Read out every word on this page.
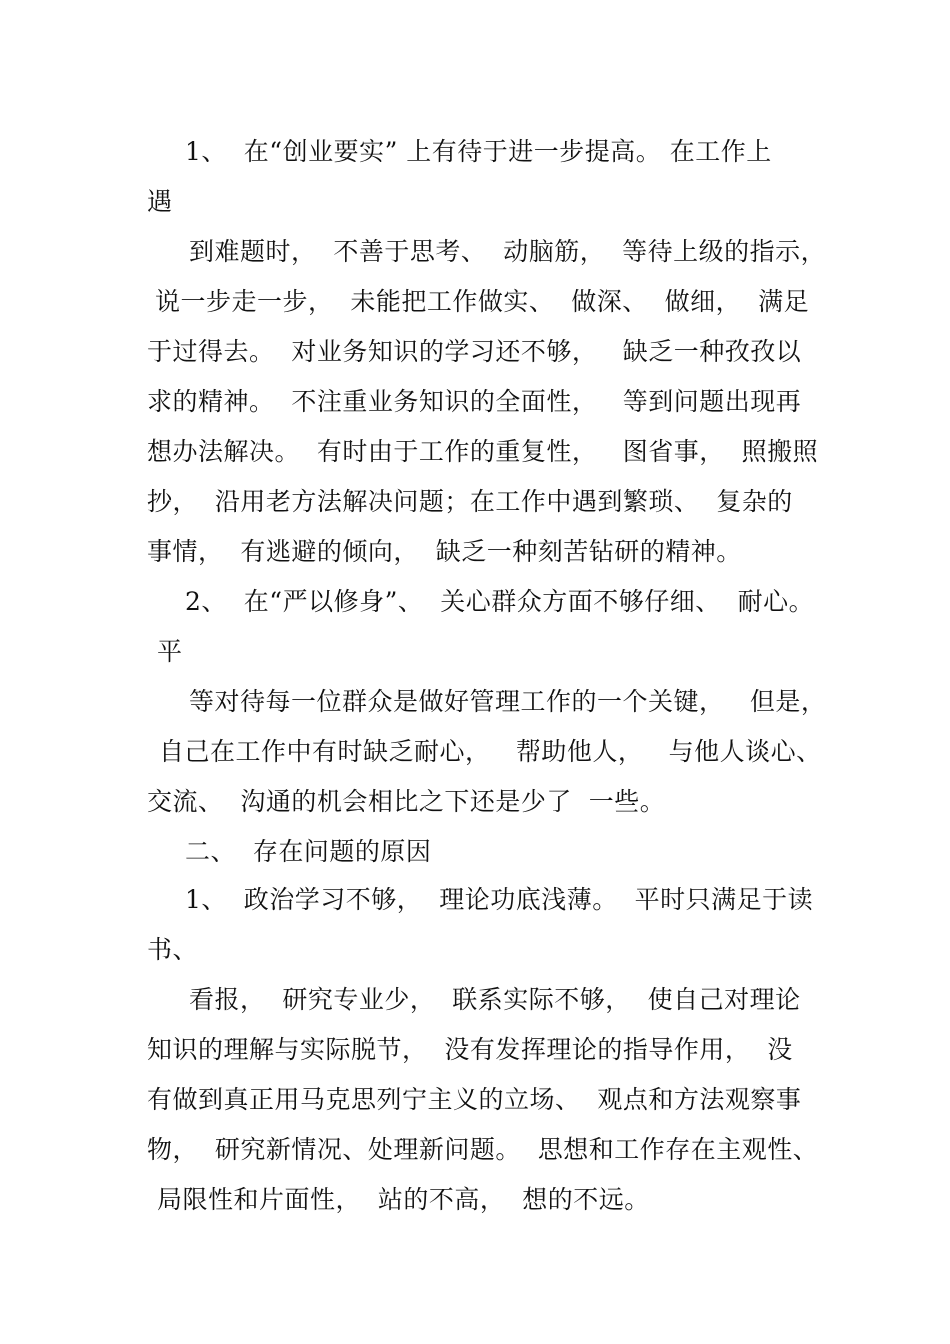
1、  在“创业要实” 上有待于进一步提高。 在工作上
遇
到难题时，  不善于思考、  动脑筋，  等待上级的指示，
说一步走一步，  未能把工作做实、  做深、  做细，  满足
于过得去。  对业务知识的学习还不够，   缺乏一种孜孜以
求的精神。  不注重业务知识的全面性，   等到问题出现再
想办法解决。  有时由于工作的重复性，   图省事，  照搬照
抄，  沿用老方法解决问题；在工作中遇到繁琐、  复杂的
事情，  有逃避的倾向，  缺乏一种刻苦钻研的精神。
2、  在“严以修身”、  关心群众方面不够仔细、  耐心。
平
等对待每一位群众是做好管理工作的一个关键，   但是，
自己在工作中有时缺乏耐心，   帮助他人，   与他人谈心、
交流、  沟通的机会相比之下还是少了  一些。
二、  存在问题的原因
1、  政治学习不够，  理论功底浅薄。  平时只满足于读
书、
看报，  研究专业少，  联系实际不够，  使自己对理论
知识的理解与实际脱节，  没有发挥理论的指导作用，  没
有做到真正用马克思列宁主义的立场、  观点和方法观察事
物，  研究新情况、处理新问题。  思想和工作存在主观性、
局限性和片面性，  站的不高，  想的不远。
